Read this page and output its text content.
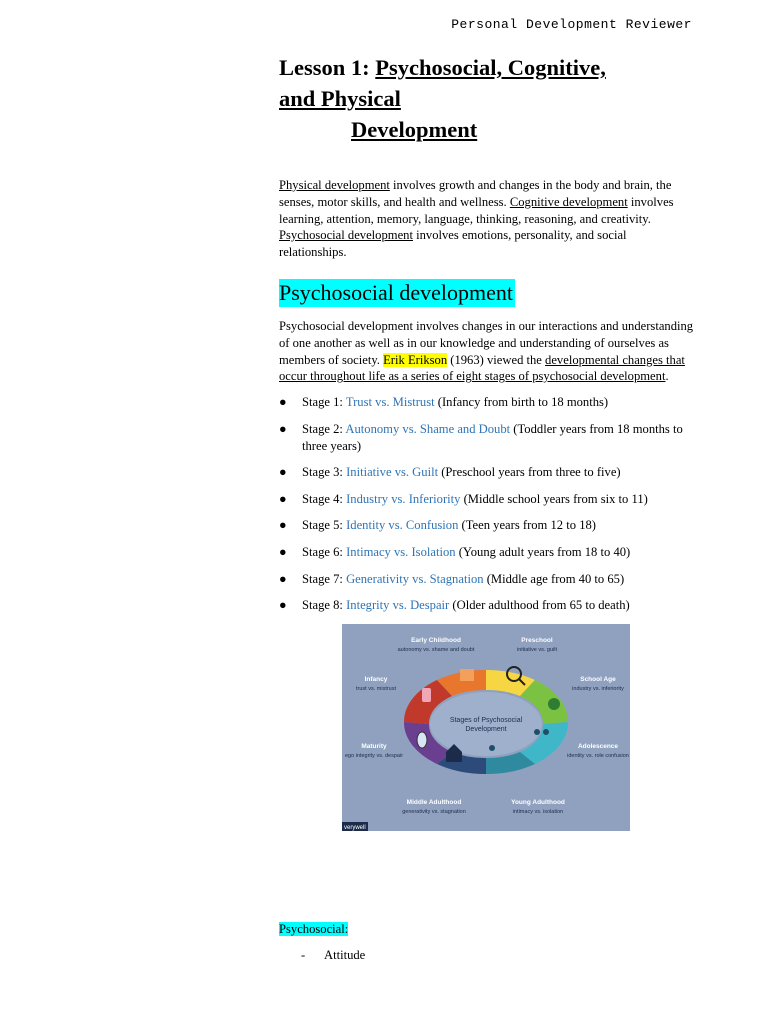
Personal Development Reviewer
Lesson 1: Psychosocial, Cognitive,
and Physical
Development

Physical development involves growth and changes in the body and brain, the senses, motor skills, and health and wellness. Cognitive development involves learning, attention, memory, language, thinking, reasoning, and creativity. Psychosocial development involves emotions, personality, and social relationships.

Psychosocial development

Psychosocial development involves changes in our interactions and understanding of one another as well as in our knowledge and understanding of ourselves as members of society. Erik Erikson (1963) viewed the developmental changes that occur throughout life as a series of eight stages of psychosocial development.

● Stage 1: Trust vs. Mistrust (Infancy from birth to 18 months)
● Stage 2: Autonomy vs. Shame and Doubt (Toddler years from 18 months to three years)
● Stage 3: Initiative vs. Guilt (Preschool years from three to five)
● Stage 4: Industry vs. Inferiority (Middle school years from six to 11)
● Stage 5: Identity vs. Confusion (Teen years from 12 to 18)
● Stage 6: Intimacy vs. Isolation (Young adult years from 18 to 40)
● Stage 7: Generativity vs. Stagnation (Middle age from 40 to 65)
● Stage 8: Integrity vs. Despair (Older adulthood from 65 to death)
Stages of Psychosocial
Development
Early Childhood
autonomy vs. shame and doubt
Preschool
initiative vs. guilt
Infancy
trust vs. mistrust
School Age
industry vs. inferiority
Maturity
ego integrity vs. despair
Adolescence
identity vs. role confusion
Middle Adulthood
generativity vs. stagnation
Young Adulthood
intimacy vs. isolation
verywell
Psychosocial:
- Attitude
